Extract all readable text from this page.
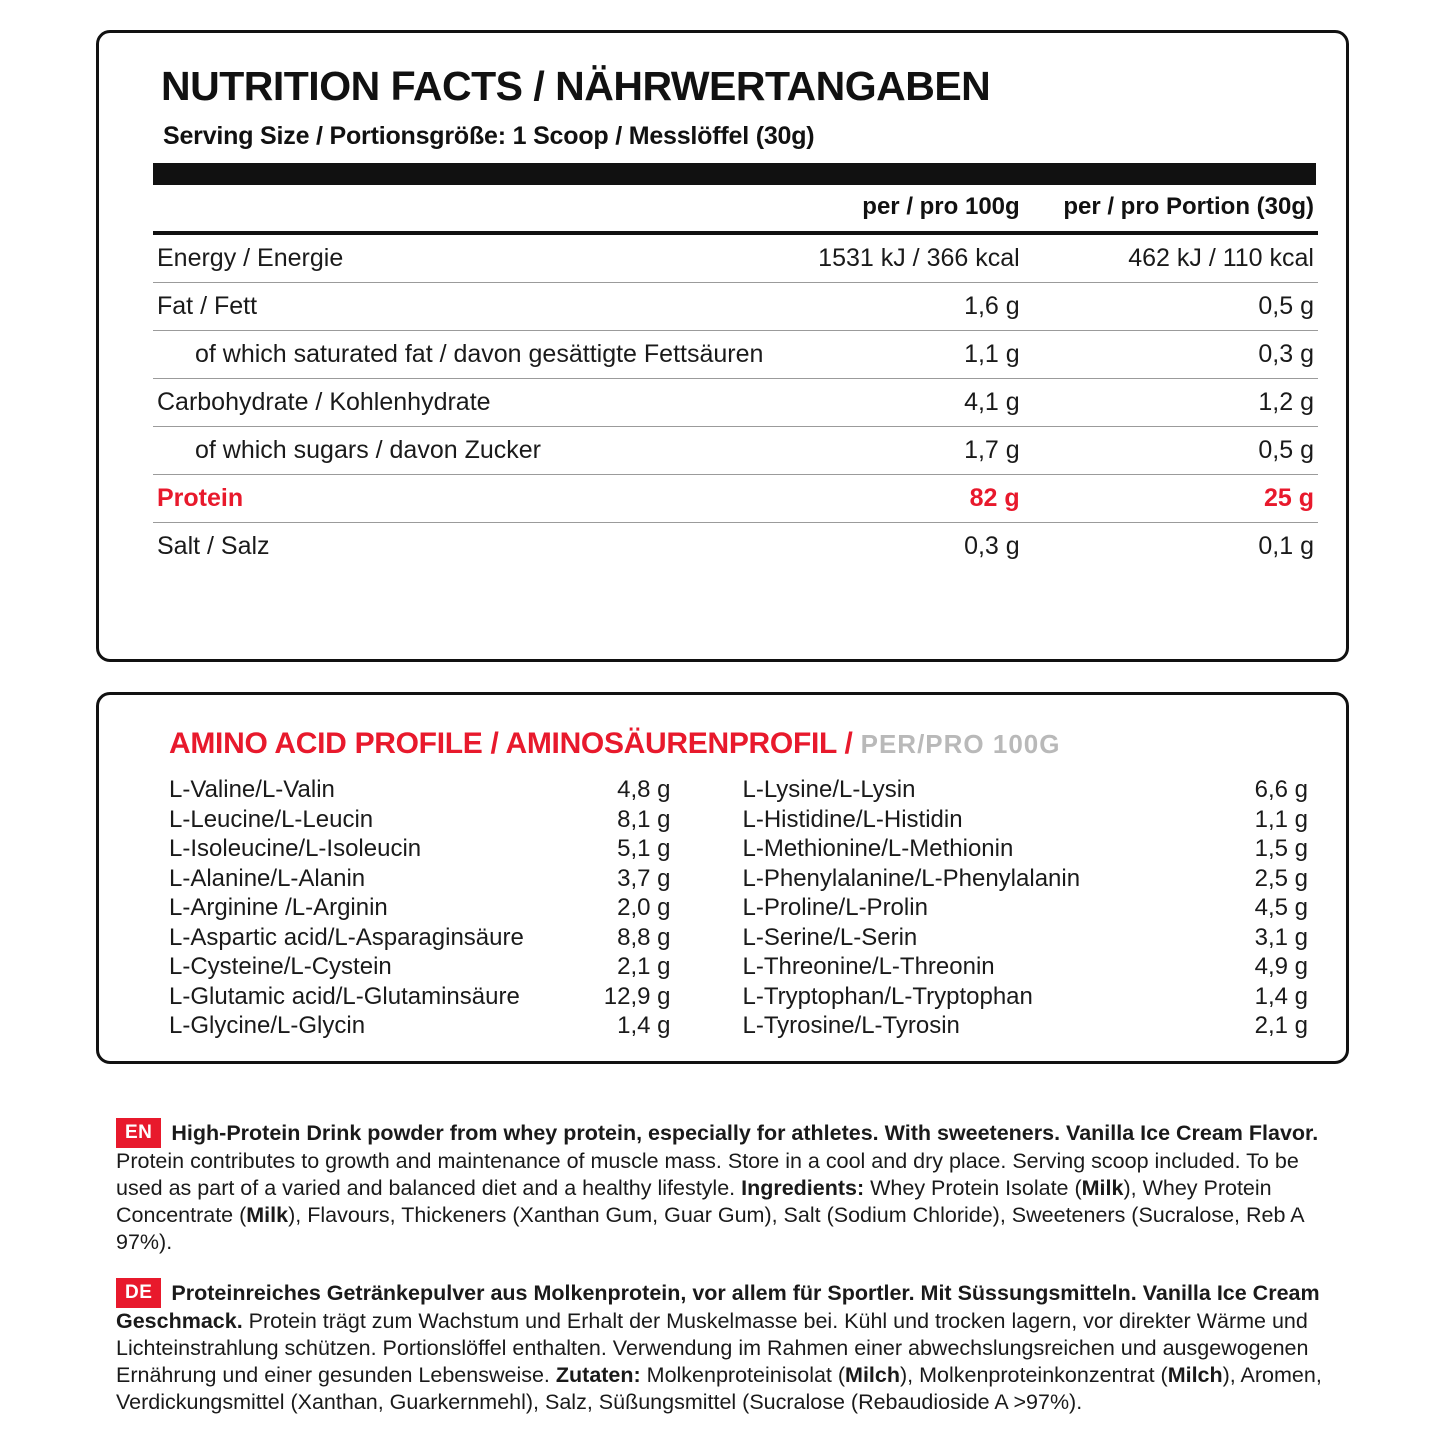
NUTRITION FACTS / NÄHRWERTANGABEN
Serving Size / Portionsgröße: 1 Scoop / Messlöffel (30g)
	per / pro 100g	per / pro Portion (30g)
Energy / Energie	1531 kJ / 366 kcal	462 kJ / 110 kcal
Fat / Fett	1,6 g	0,5 g
of which saturated fat / davon gesättigte Fettsäuren	1,1 g	0,3 g
Carbohydrate / Kohlenhydrate	4,1 g	1,2 g
of which sugars / davon Zucker	1,7 g	0,5 g
Protein	82 g	25 g
Salt / Salz	0,3 g	0,1 g
AMINO ACID PROFILE / AMINOSÄURENPROFIL / PER/PRO 100G
L-Valine/L-Valin	4,8 g
L-Leucine/L-Leucin	8,1 g
L-Isoleucine/L-Isoleucin	5,1 g
L-Alanine/L-Alanin	3,7 g
L-Arginine /L-Arginin	2,0 g
L-Aspartic acid/L-Asparaginsäure	8,8 g
L-Cysteine/L-Cystein	2,1 g
L-Glutamic acid/L-Glutaminsäure	12,9 g
L-Glycine/L-Glycin	1,4 g
L-Lysine/L-Lysin	6,6 g
L-Histidine/L-Histidin	1,1 g
L-Methionine/L-Methionin	1,5 g
L-Phenylalanine/L-Phenylalanin	2,5 g
L-Proline/L-Prolin	4,5 g
L-Serine/L-Serin	3,1 g
L-Threonine/L-Threonin	4,9 g
L-Tryptophan/L-Tryptophan	1,4 g
L-Tyrosine/L-Tyrosin	2,1 g
EN High-Protein Drink powder from whey protein, especially for athletes. With sweeteners. Vanilla Ice Cream Flavor. Protein contributes to growth and maintenance of muscle mass. Store in a cool and dry place. Serving scoop included. To be used as part of a varied and balanced diet and a healthy lifestyle. Ingredients: Whey Protein Isolate (Milk), Whey Protein Concentrate (Milk), Flavours, Thickeners (Xanthan Gum, Guar Gum), Salt (Sodium Chloride), Sweeteners (Sucralose, Reb A 97%).
DE Proteinreiches Getränkepulver aus Molkenprotein, vor allem für Sportler. Mit Süssungsmitteln. Vanilla Ice Cream Geschmack. Protein trägt zum Wachstum und Erhalt der Muskelmasse bei. Kühl und trocken lagern, vor direkter Wärme und Lichteinstrahlung schützen. Portionslöffel enthalten. Verwendung im Rahmen einer abwechslungsreichen und ausgewogenen Ernährung und einer gesunden Lebensweise. Zutaten: Molkenproteinisolat (Milch), Molkenproteinkonzentrat (Milch), Aromen, Verdickungsmittel (Xanthan, Guarkernmehl), Salz, Süßungsmittel (Sucralose (Rebaudioside A >97%).
